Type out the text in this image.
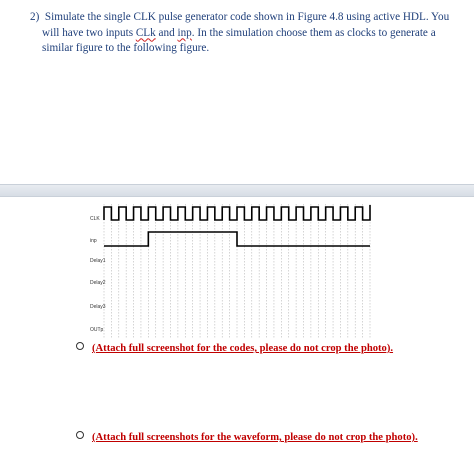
2) Simulate the single CLK pulse generator code shown in Figure 4.8 using active HDL. You
will have two inputs CLk and inp. In the simulation choose them as clocks to generate a
similar figure to the following figure.
CLK
inp
Delay1
Delay2
Delay3
OUTp
(Attach full screenshot for the codes, please do not crop the photo).
(Attach full screenshots for the waveform, please do not crop the photo).
